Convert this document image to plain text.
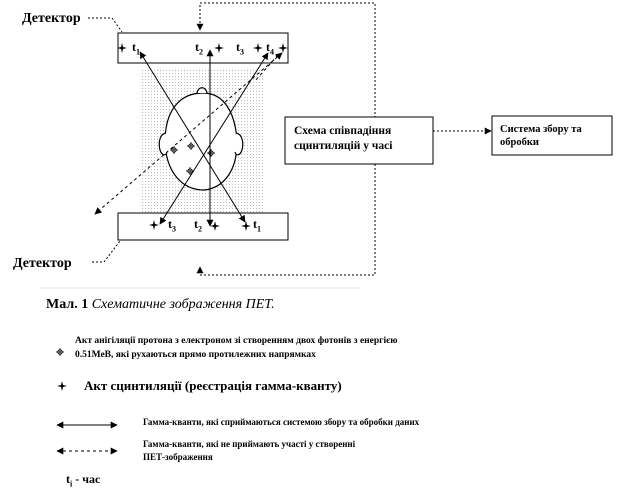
Детектор
Детектор
$t_1$	$t_2$	$t_3$ $t_4$
$t_3$ $t_2$	$t_1$
Схема співпадіння
сцинтиляцій у часі
Система збору та
обробки
Мал. 1 Схематичне зображення ПЕТ.
Акт анігіляції протона з електроном зі створенням двох фотонів з енергією
0.51МеВ, які рухаються прямо протилежних напрямках
Акт сцинтиляції (реєстрація гамма-кванту)
Гамма-кванти, які сприймаються системою збору та обробки даних
Гамма-кванти, які не приймають участі у створенні
ПЕТ-зображення
$t_i$ - час
